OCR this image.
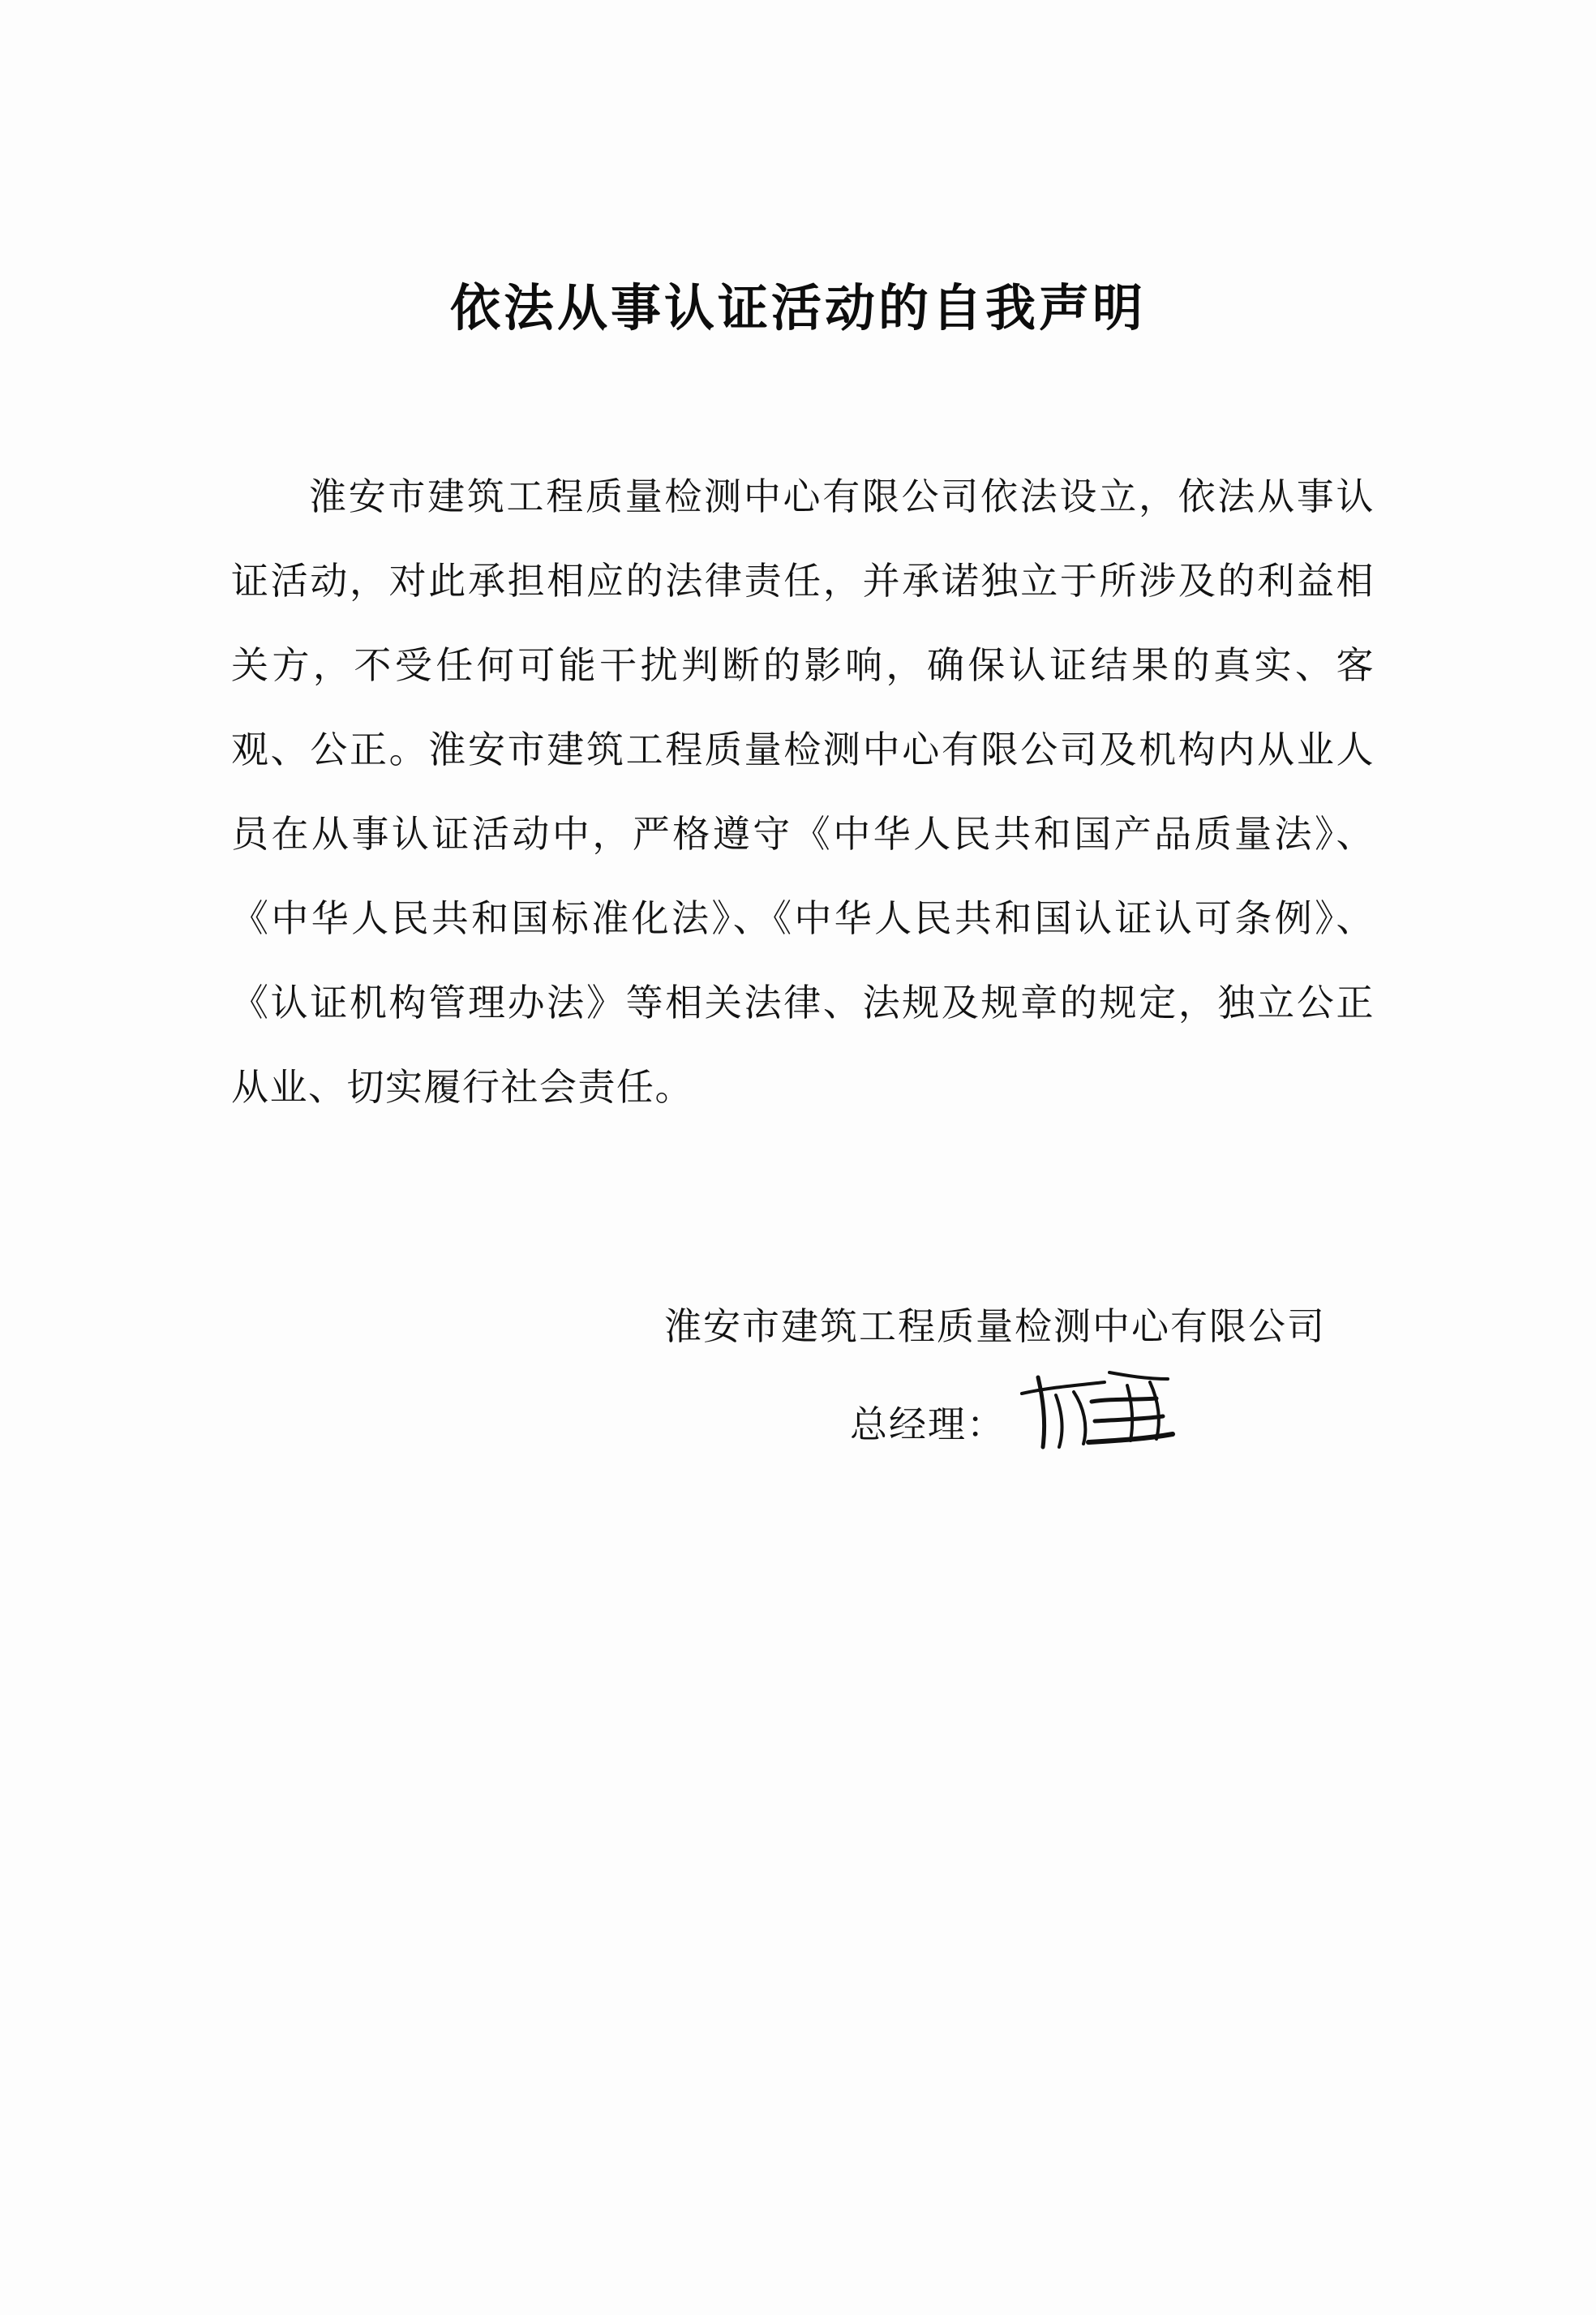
依法从事认证活动的自我声明
淮安市建筑工程质量检测中心有限公司依法设立，依法从事认证活动，对此承担相应的法律责任，并承诺独立于所涉及的利益相关方，不受任何可能干扰判断的影响，确保认证结果的真实、客观、公正。淮安市建筑工程质量检测中心有限公司及机构内从业人员在从事认证活动中，严格遵守《中华人民共和国产品质量法》、《中华人民共和国标准化法》、《中华人民共和国认证认可条例》、《认证机构管理办法》等相关法律、法规及规章的规定，独立公正从业、切实履行社会责任。
淮安市建筑工程质量检测中心有限公司
总经理：
